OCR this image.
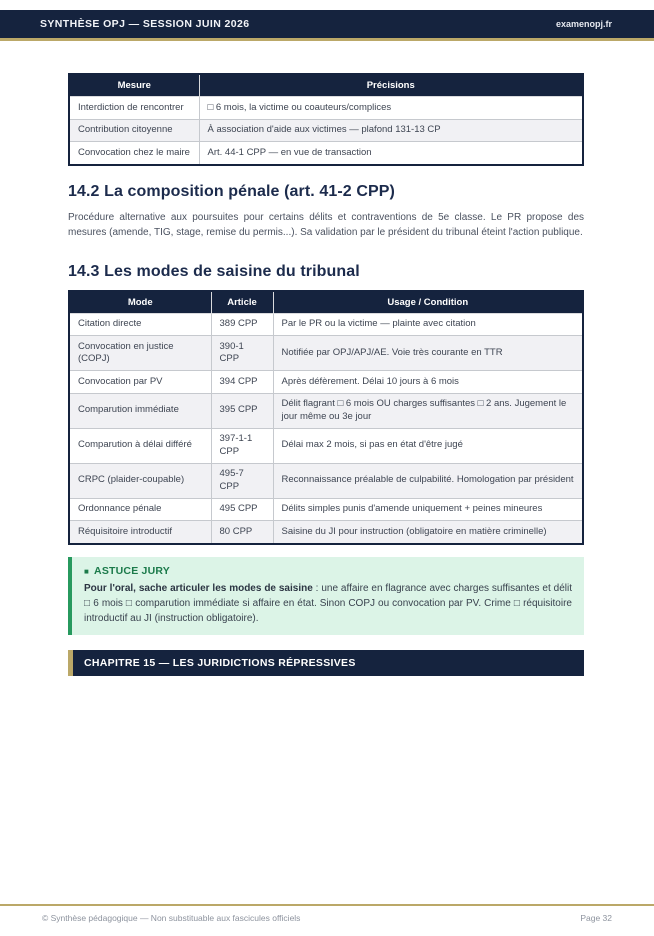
SYNTHÈSE OPJ — SESSION JUIN 2026	examenopj.fr
Mesure	Précisions
Interdiction de rencontrer	□ 6 mois, la victime ou coauteurs/complices
Contribution citoyenne	À association d'aide aux victimes — plafond 131-13 CP
Convocation chez le maire	Art. 44-1 CPP — en vue de transaction
14.2 La composition pénale (art. 41-2 CPP)

Procédure alternative aux poursuites pour certains délits et contraventions de 5e classe. Le PR propose des mesures (amende, TIG, stage, remise du permis...). Sa validation par le président du tribunal éteint l'action publique.

14.3 Les modes de saisine du tribunal
Mode	Article	Usage / Condition
Citation directe	389 CPP	Par le PR ou la victime — plainte avec citation
Convocation en justice (COPJ)	390-1 CPP	Notifiée par OPJ/APJ/AE. Voie très courante en TTR
Convocation par PV	394 CPP	Après défèrement. Délai 10 jours à 6 mois
Comparution immédiate	395 CPP	Délit flagrant □ 6 mois OU charges suffisantes □ 2 ans. Jugement le jour même ou 3e jour
Comparution à délai différé	397-1-1 CPP	Délai max 2 mois, si pas en état d'être jugé
CRPC (plaider-coupable)	495-7 CPP	Reconnaissance préalable de culpabilité. Homologation par président
Ordonnance pénale	495 CPP	Délits simples punis d'amende uniquement + peines mineures
Réquisitoire introductif	80 CPP	Saisine du JI pour instruction (obligatoire en matière criminelle)
■ ASTUCE JURY
Pour l'oral, sache articuler les modes de saisine : une affaire en flagrance avec charges suffisantes et délit □ 6 mois □ comparution immédiate si affaire en état. Sinon COPJ ou convocation par PV. Crime □ réquisitoire introductif au JI (instruction obligatoire).
CHAPITRE 15 — LES JURIDICTIONS RÉPRESSIVES
© Synthèse pédagogique — Non substituable aux fascicules officiels	Page 32
